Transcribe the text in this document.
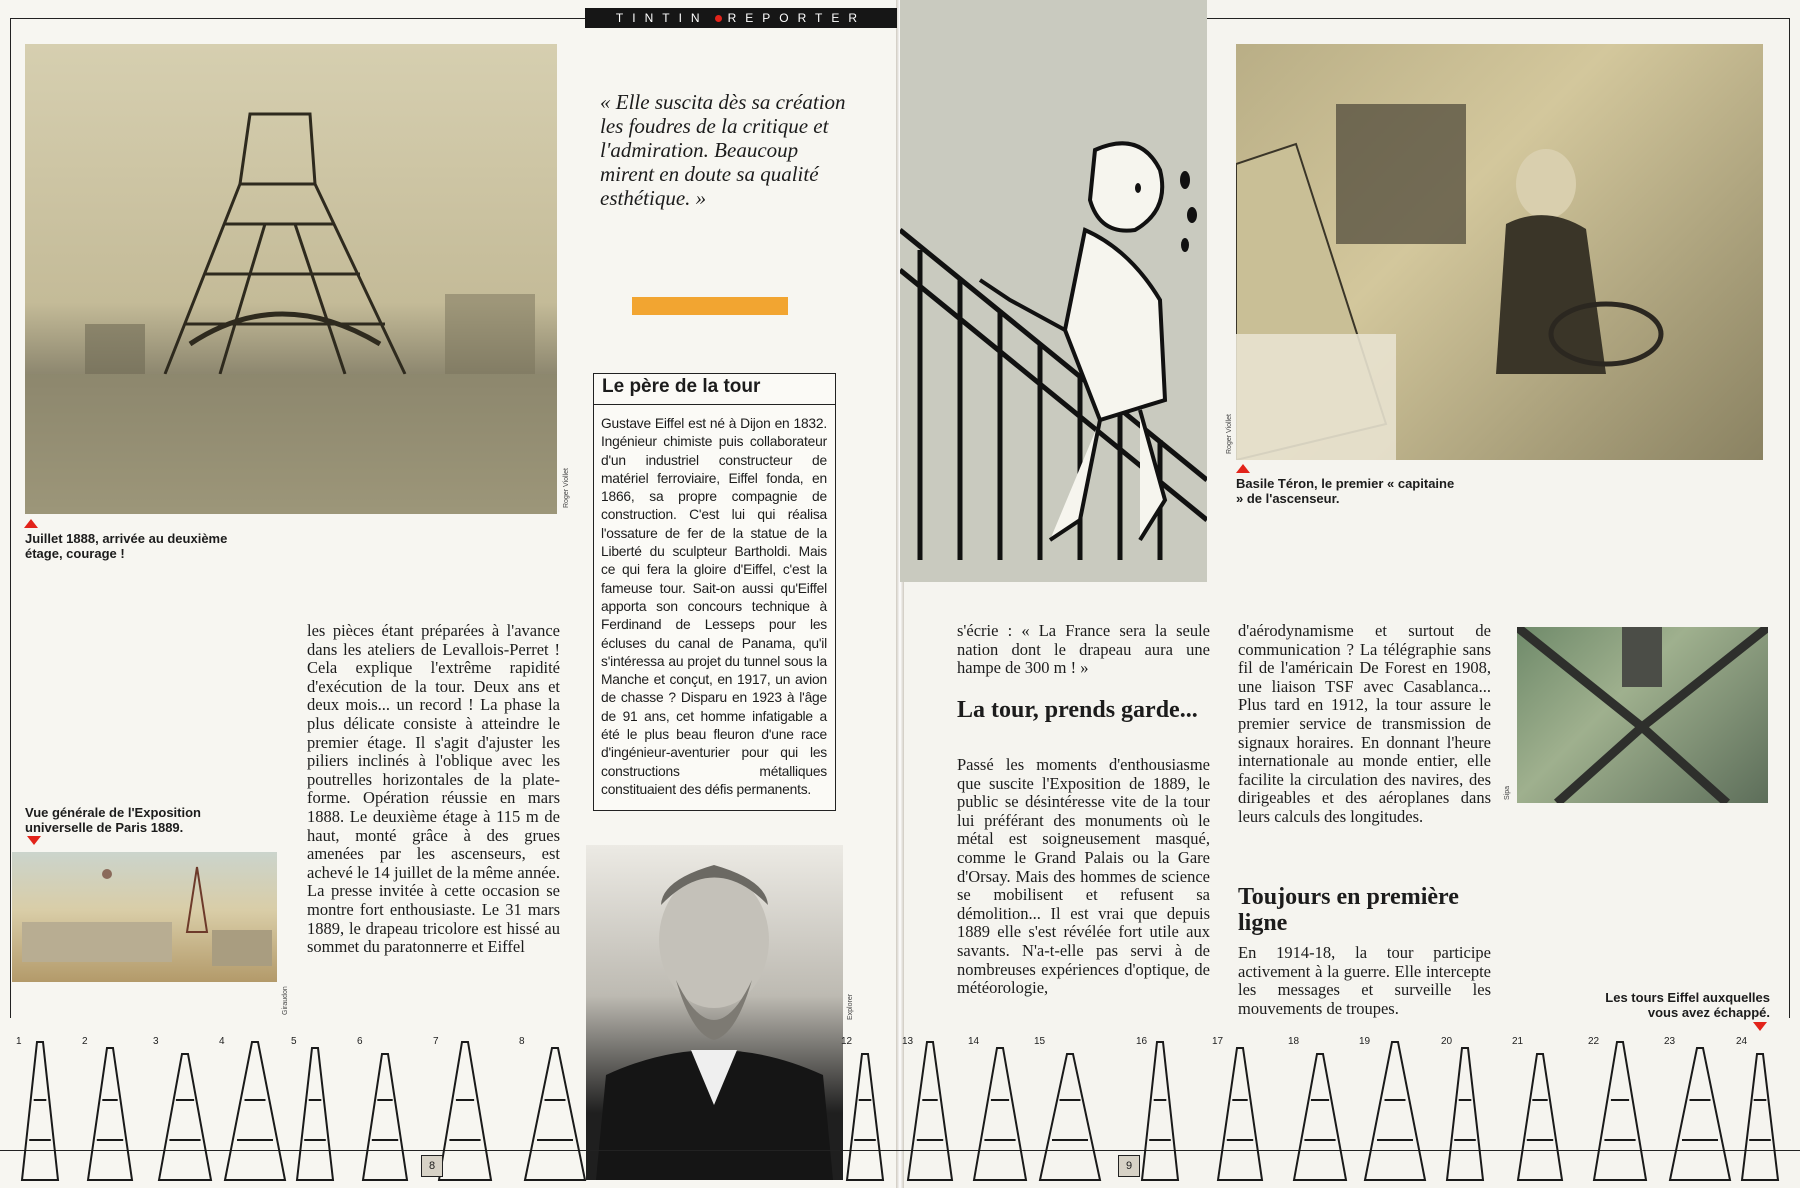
TINTIN REPORTER
Roger Viollet
Juillet 1888, arrivée au deuxième étage, courage !
« Elle suscita dès sa création les foudres de la critique et l'admiration. Beaucoup mirent en doute sa qualité esthétique. »
Le père de la tour
Gustave Eiffel est né à Dijon en 1832. Ingénieur chimiste puis collaborateur d'un industriel constructeur de matériel ferroviaire, Eiffel fonda, en 1866, sa propre compagnie de construction. C'est lui qui réalisa l'ossature de fer de la statue de la Liberté du sculpteur Bartholdi. Mais ce qui fera la gloire d'Eiffel, c'est la fameuse tour. Sait-on aussi qu'Eiffel apporta son concours technique à Ferdinand de Lesseps pour les écluses du canal de Panama, qu'il s'intéressa au projet du tunnel sous la Manche et conçut, en 1917, un avion de chasse ? Disparu en 1923 à l'âge de 91 ans, cet homme infatigable a été le plus beau fleuron d'une race d'ingénieur-aventurier pour qui les constructions métalliques constituaient des défis permanents.
Roger Viollet
Basile Téron, le premier « capitaine » de l'ascenseur.
Vue générale de l'Exposition universelle de Paris 1889.
Giraudon
les pièces étant préparées à l'avance dans les ateliers de Levallois-Perret ! Cela explique l'extrême rapidité d'exécution de la tour. Deux ans et deux mois... un record ! La phase la plus délicate consiste à atteindre le premier étage. Il s'agit d'ajuster les piliers inclinés à l'oblique avec les poutrelles horizontales de la plate-forme. Opération réussie en mars 1888. Le deuxième étage à 115 m de haut, monté grâce à des grues amenées par les ascenseurs, est achevé le 14 juillet de la même année. La presse invitée à cette occasion se montre fort enthousiaste. Le 31 mars 1889, le drapeau tricolore est hissé au sommet du paratonnerre et Eiffel
s'écrie : « La France sera la seule nation dont le drapeau aura une hampe de 300 m ! »
La tour, prends garde...
Passé les moments d'enthousiasme que suscite l'Exposition de 1889, le public se désintéresse vite de la tour lui préférant des monuments où le métal est soigneusement masqué, comme le Grand Palais ou la Gare d'Orsay. Mais des hommes de science se mobilisent et refusent sa démolition... Il est vrai que depuis 1889 elle s'est révélée fort utile aux savants. N'a-t-elle pas servi à de nombreuses expériences d'optique, de météorologie,
d'aérodynamisme et surtout de communication ? La télégraphie sans fil de l'américain De Forest en 1908, une liaison TSF avec Casablanca... Plus tard en 1912, la tour assure le premier service de transmission de signaux horaires. En donnant l'heure internationale au monde entier, elle facilite la circulation des navires, des dirigeables et des aéroplanes dans leurs calculs des longitudes.
Toujours en première ligne
En 1914-18, la tour participe activement à la guerre. Elle intercepte les messages et surveille les mouvements de troupes.
Sipa
Explorer	Les tours Eiffel auxquelles vous avez échappé.
1	2	3	4	5	6	7	8	12	13	14	15	16	17	18	19	20	21	22	23	24
8	9
